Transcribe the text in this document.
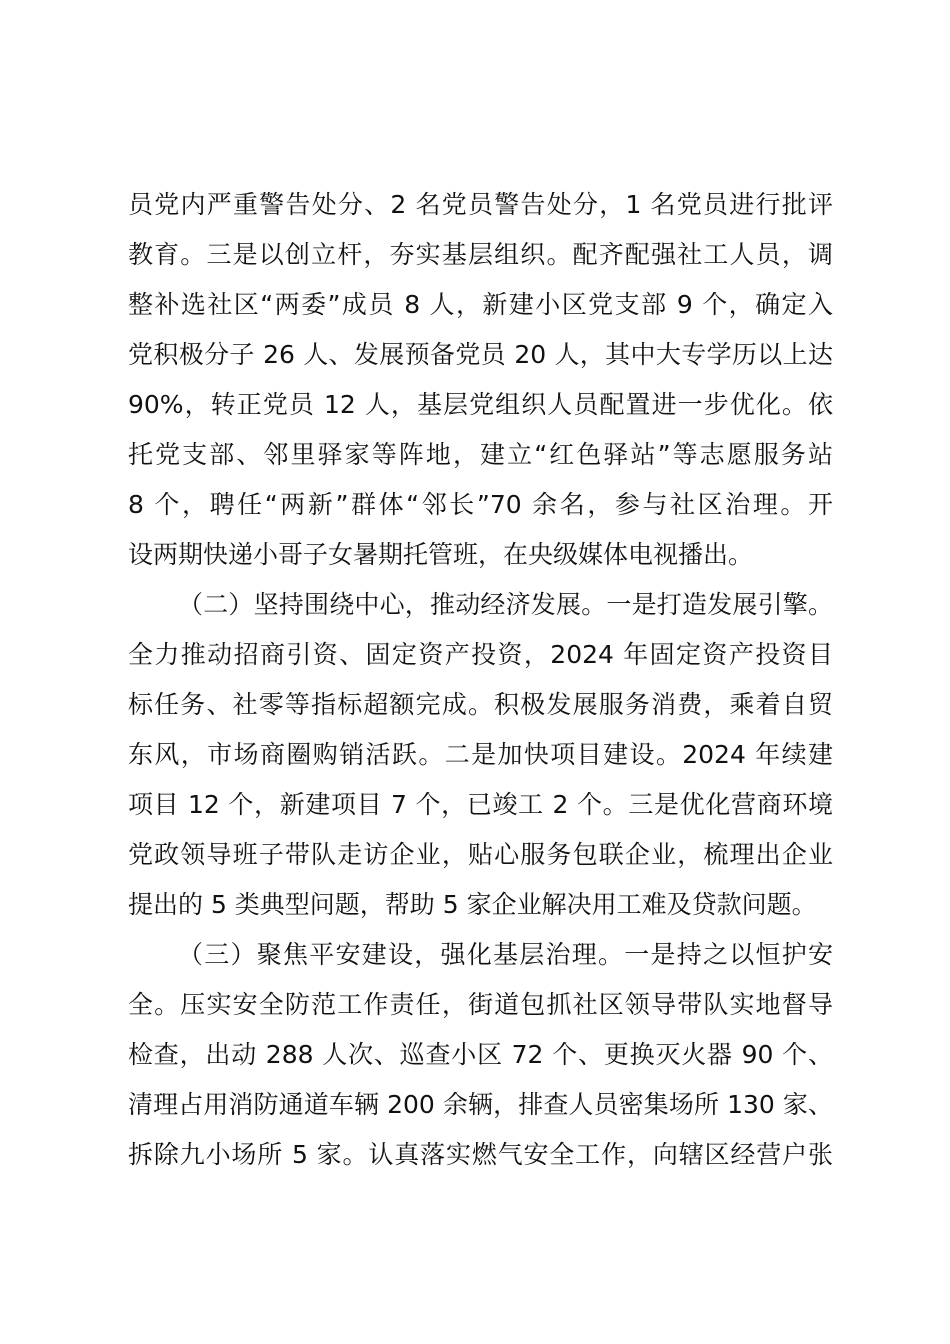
员党内严重警告处分、2 名党员警告处分，1 名党员进行批评
教育。三是以创立杆，夯实基层组织。配齐配强社工人员，调
整补选社区“两委”成员 8 人，新建小区党支部 9 个，确定入
党积极分子 26 人、发展预备党员 20 人，其中大专学历以上达
90%，转正党员 12 人，基层党组织人员配置进一步优化。依
托党支部、邻里驿家等阵地，建立“红色驿站”等志愿服务站
8 个，聘任“两新”群体“邻长”70 余名，参与社区治理。开
设两期快递小哥子女暑期托管班，在央级媒体电视播出。
（二）坚持围绕中心，推动经济发展。一是打造发展引擎。
全力推动招商引资、固定资产投资，2024 年固定资产投资目
标任务、社零等指标超额完成。积极发展服务消费，乘着自贸
东风，市场商圈购销活跃。二是加快项目建设。2024 年续建
项目 12 个，新建项目 7 个，已竣工 2 个。三是优化营商环境
党政领导班子带队走访企业，贴心服务包联企业，梳理出企业
提出的 5 类典型问题，帮助 5 家企业解决用工难及贷款问题。
（三）聚焦平安建设，强化基层治理。一是持之以恒护安
全。压实安全防范工作责任，街道包抓社区领导带队实地督导
检查，出动 288 人次、巡查小区 72 个、更换灭火器 90 个、
清理占用消防通道车辆 200 余辆，排查人员密集场所 130 家、
拆除九小场所 5 家。认真落实燃气安全工作，向辖区经营户张
